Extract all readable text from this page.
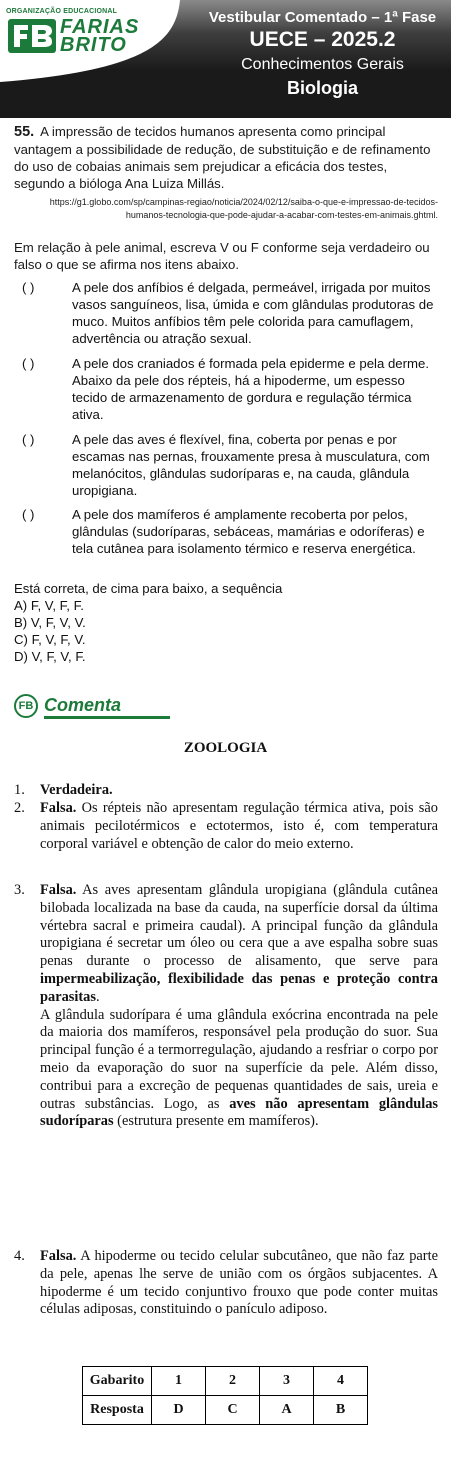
ORGANIZAÇÃO EDUCACIONAL
FARIAS
BRITO
Vestibular Comentado – 1ª Fase
UECE – 2025.2
Conhecimentos Gerais
Biologia
55. A impressão de tecidos humanos apresenta como principal vantagem a possibilidade de redução, de substituição e de refinamento do uso de cobaias animais sem prejudicar a eficácia dos testes, segundo a bióloga Ana Luiza Millás.
https://g1.globo.com/sp/campinas-regiao/noticia/2024/02/12/saiba-o-que-e-impressao-de-tecidos-humanos-tecnologia-que-pode-ajudar-a-acabar-com-testes-em-animais.ghtml.
Em relação à pele animal, escreva V ou F conforme seja verdadeiro ou falso o que se afirma nos itens abaixo.
( )	A pele dos anfíbios é delgada, permeável, irrigada por muitos vasos sanguíneos, lisa, úmida e com glândulas produtoras de muco. Muitos anfíbios têm pele colorida para camuflagem, advertência ou atração sexual.
( )	A pele dos craniados é formada pela epiderme e pela derme. Abaixo da pele dos répteis, há a hipoderme, um espesso tecido de armazenamento de gordura e regulação térmica ativa.
( )	A pele das aves é flexível, fina, coberta por penas e por escamas nas pernas, frouxamente presa à musculatura, com melanócitos, glândulas sudoríparas e, na cauda, glândula uropigiana.
( )	A pele dos mamíferos é amplamente recoberta por pelos, glândulas (sudoríparas, sebáceas, mamárias e odoríferas) e tela cutânea para isolamento térmico e reserva energética.
Está correta, de cima para baixo, a sequência
A) F, V, F, F.
B) V, F, V, V.
C) F, V, F, V.
D) V, F, V, F.
FB Comenta
ZOOLOGIA
1. Verdadeira.
2. Falsa. Os répteis não apresentam regulação térmica ativa, pois são animais pecilotérmicos e ectotermos, isto é, com temperatura corporal variável e obtenção de calor do meio externo.
3. Falsa. As aves apresentam glândula uropigiana (glândula cutânea bilobada localizada na base da cauda, na superfície dorsal da última vértebra sacral e primeira caudal). A principal função da glândula uropigiana é secretar um óleo ou cera que a ave espalha sobre suas penas durante o processo de alisamento, que serve para impermeabilização, flexibilidade das penas e proteção contra parasitas.

A glândula sudorípara é uma glândula exócrina encontrada na pele da maioria dos mamíferos, responsável pela produção do suor. Sua principal função é a termorregulação, ajudando a resfriar o corpo por meio da evaporação do suor na superfície da pele. Além disso, contribui para a excreção de pequenas quantidades de sais, ureia e outras substâncias. Logo, as aves não apresentam glândulas sudoríparas (estrutura presente em mamíferos).

4. Falsa. A hipoderme ou tecido celular subcutâneo, que não faz parte da pele, apenas lhe serve de união com os órgãos subjacentes. A hipoderme é um tecido conjuntivo frouxo que pode conter muitas células adiposas, constituindo o panículo adiposo.
Gabarito	1	2	3	4
Resposta	D	C	A	B
